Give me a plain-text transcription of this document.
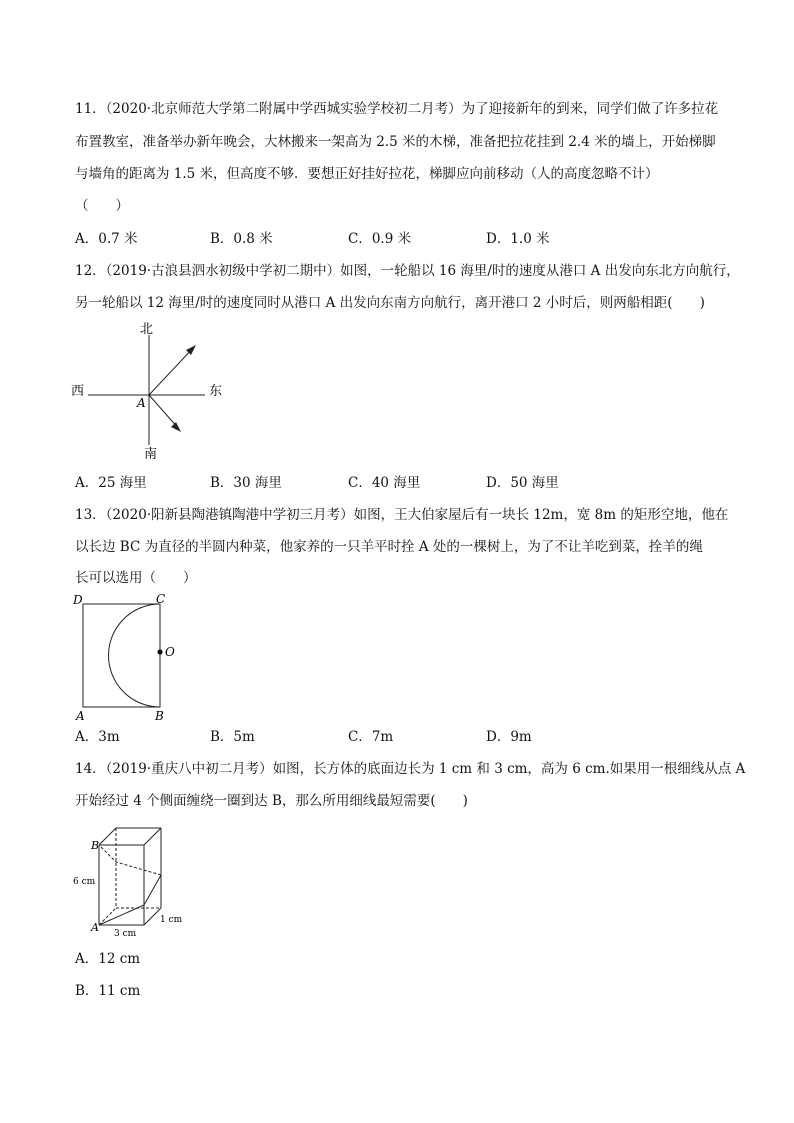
11．（2020·北京师范大学第二附属中学西城实验学校初二月考）为了迎接新年的到来，同学们做了许多拉花
布置教室，准备举办新年晚会，大林搬来一架高为 2.5 米的木梯，准备把拉花挂到 2.4 米的墙上，开始梯脚
与墙角的距离为 1.5 米，但高度不够．要想正好挂好拉花，梯脚应向前移动（人的高度忽略不计）
（　　）
A．0.7 米	B．0.8 米	C．0.9 米	D．1.0 米
12．（2019·古浪县泗水初级中学初二期中）如图，一轮船以 16 海里/时的速度从港口 A 出发向东北方向航行，
另一轮船以 12 海里/时的速度同时从港口 A 出发向东南方向航行，离开港口 2 小时后，则两船相距(　　)
北
南
西	东
A
A．25 海里	B．30 海里	C．40 海里	D．50 海里
13．（2020·阳新县陶港镇陶港中学初三月考）如图，王大伯家屋后有一块长 12m，宽 8m 的矩形空地，他在
以长边 BC 为直径的半圆内种菜，他家养的一只羊平时拴 A 处的一棵树上，为了不让羊吃到菜，拴羊的绳
长可以选用（　　）
D	C
O
A	B
A．3m	B．5m	C．7m	D．9m
14．（2019·重庆八中初二月考）如图，长方体的底面边长为 1 cm 和 3 cm，高为 6 cm.如果用一根细线从点 A
开始经过 4 个侧面缠绕一圈到达 B，那么所用细线最短需要(　　)
B
A
6 cm
3 cm
1 cm
A．12 cm
B．11 cm
